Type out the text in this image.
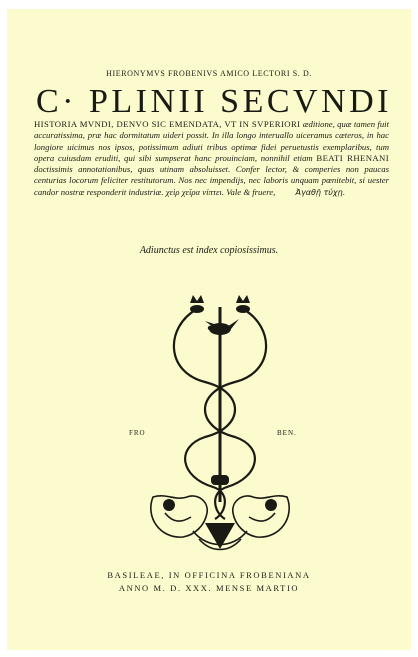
HIERONYMVS FROBENIVS AMICO LECTORI S. D.
C· PLINII SECVNDI
HISTORIA MVNDI, DENVO SIC EMENDATA, VT IN SVPERIORI æditione, quæ tamen fuit accuratissima, præ hac dormitatum uideri possit. In illa longo interuallo uiceramus cæteros, in hac longiore uicimus nos ipsos, potissimum adiuti tribus optimæ fidei peruetustis exemplaribus, tum opera cuiusdam eruditi, qui sibi sumpserat hanc prouinciam, nonnihil etiam BEATI RHENANI doctissimis annotationibus, quas utinam absoluisset. Confer lector, & comperies non paucas centurias locorum feliciter restitutorum. Nos nec impendijs, nec laboris unquam pœnitebit, si uester candor nostræ responderit industriæ. χεὶρ χεῖρα νίπτει. Vale & fruere,	Ἀγαθῇ τύχῃ.
Adiunctus est index copiosissimus.
FRO	BEN.
BASILEAE, IN OFFICINA FROBENIANA
ANNO M. D. XXX. MENSE MARTIO
